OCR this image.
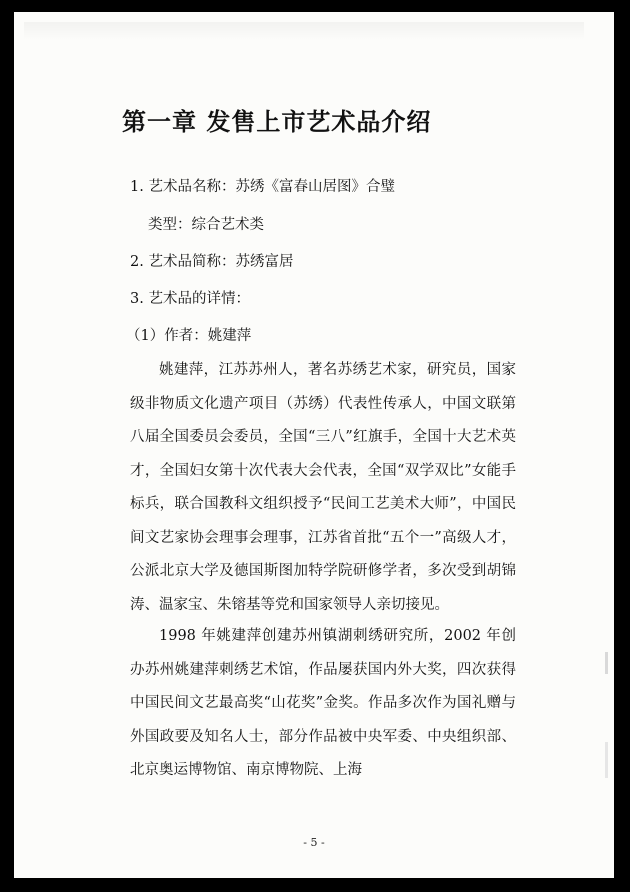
第一章 发售上市艺术品介绍
1. 艺术品名称：苏绣《富春山居图》合璧
类型：综合艺术类
2. 艺术品简称：苏绣富居
3. 艺术品的详情：
（1）作者：姚建萍
姚建萍，江苏苏州人，著名苏绣艺术家，研究员，国家级非物质文化遗产项目（苏绣）代表性传承人，中国文联第八届全国委员会委员，全国“三八”红旗手，全国十大艺术英才，全国妇女第十次代表大会代表，全国“双学双比”女能手标兵，联合国教科文组织授予“民间工艺美术大师”，中国民间文艺家协会理事会理事，江苏省首批“五个一”高级人才，公派北京大学及德国斯图加特学院研修学者，多次受到胡锦涛、温家宝、朱镕基等党和国家领导人亲切接见。
1998 年姚建萍创建苏州镇湖刺绣研究所，2002 年创办苏州姚建萍刺绣艺术馆，作品屡获国内外大奖，四次获得中国民间文艺最高奖“山花奖”金奖。作品多次作为国礼赠与外国政要及知名人士，部分作品被中央军委、中央组织部、北京奥运博物馆、南京博物院、上海
- 5 -
